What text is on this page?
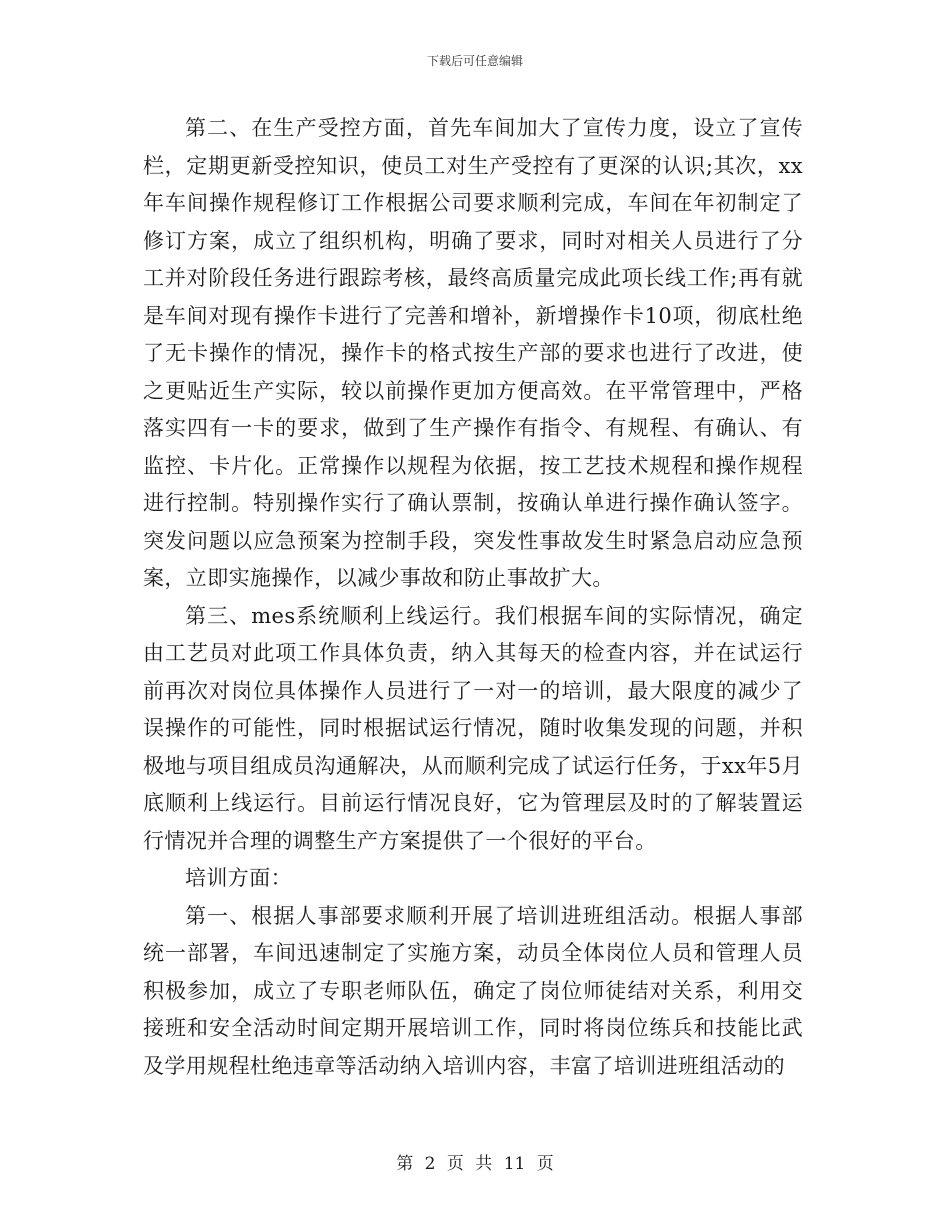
下载后可任意编辑

第二、在生产受控方面，首先车间加大了宣传力度，设立了宣传栏，定期更新受控知识，使员工对生产受控有了更深的认识;其次，xx年车间操作规程修订工作根据公司要求顺利完成，车间在年初制定了修订方案，成立了组织机构，明确了要求，同时对相关人员进行了分工并对阶段任务进行跟踪考核，最终高质量完成此项长线工作;再有就是车间对现有操作卡进行了完善和增补，新增操作卡10项，彻底杜绝了无卡操作的情况，操作卡的格式按生产部的要求也进行了改进，使之更贴近生产实际，较以前操作更加方便高效。在平常管理中，严格落实四有一卡的要求，做到了生产操作有指令、有规程、有确认、有监控、卡片化。正常操作以规程为依据，按工艺技术规程和操作规程进行控制。特别操作实行了确认票制，按确认单进行操作确认签字。突发问题以应急预案为控制手段，突发性事故发生时紧急启动应急预案，立即实施操作，以减少事故和防止事故扩大。

第三、mes系统顺利上线运行。我们根据车间的实际情况，确定由工艺员对此项工作具体负责，纳入其每天的检查内容，并在试运行前再次对岗位具体操作人员进行了一对一的培训，最大限度的减少了误操作的可能性，同时根据试运行情况，随时收集发现的问题，并积极地与项目组成员沟通解决，从而顺利完成了试运行任务，于xx年5月底顺利上线运行。目前运行情况良好，它为管理层及时的了解装置运行情况并合理的调整生产方案提供了一个很好的平台。

培训方面：

第一、根据人事部要求顺利开展了培训进班组活动。根据人事部统一部署，车间迅速制定了实施方案，动员全体岗位人员和管理人员积极参加，成立了专职老师队伍，确定了岗位师徒结对关系，利用交接班和安全活动时间定期开展培训工作，同时将岗位练兵和技能比武及学用规程杜绝违章等活动纳入培训内容，丰富了培训进班组活动的

第 2 页 共 11 页
